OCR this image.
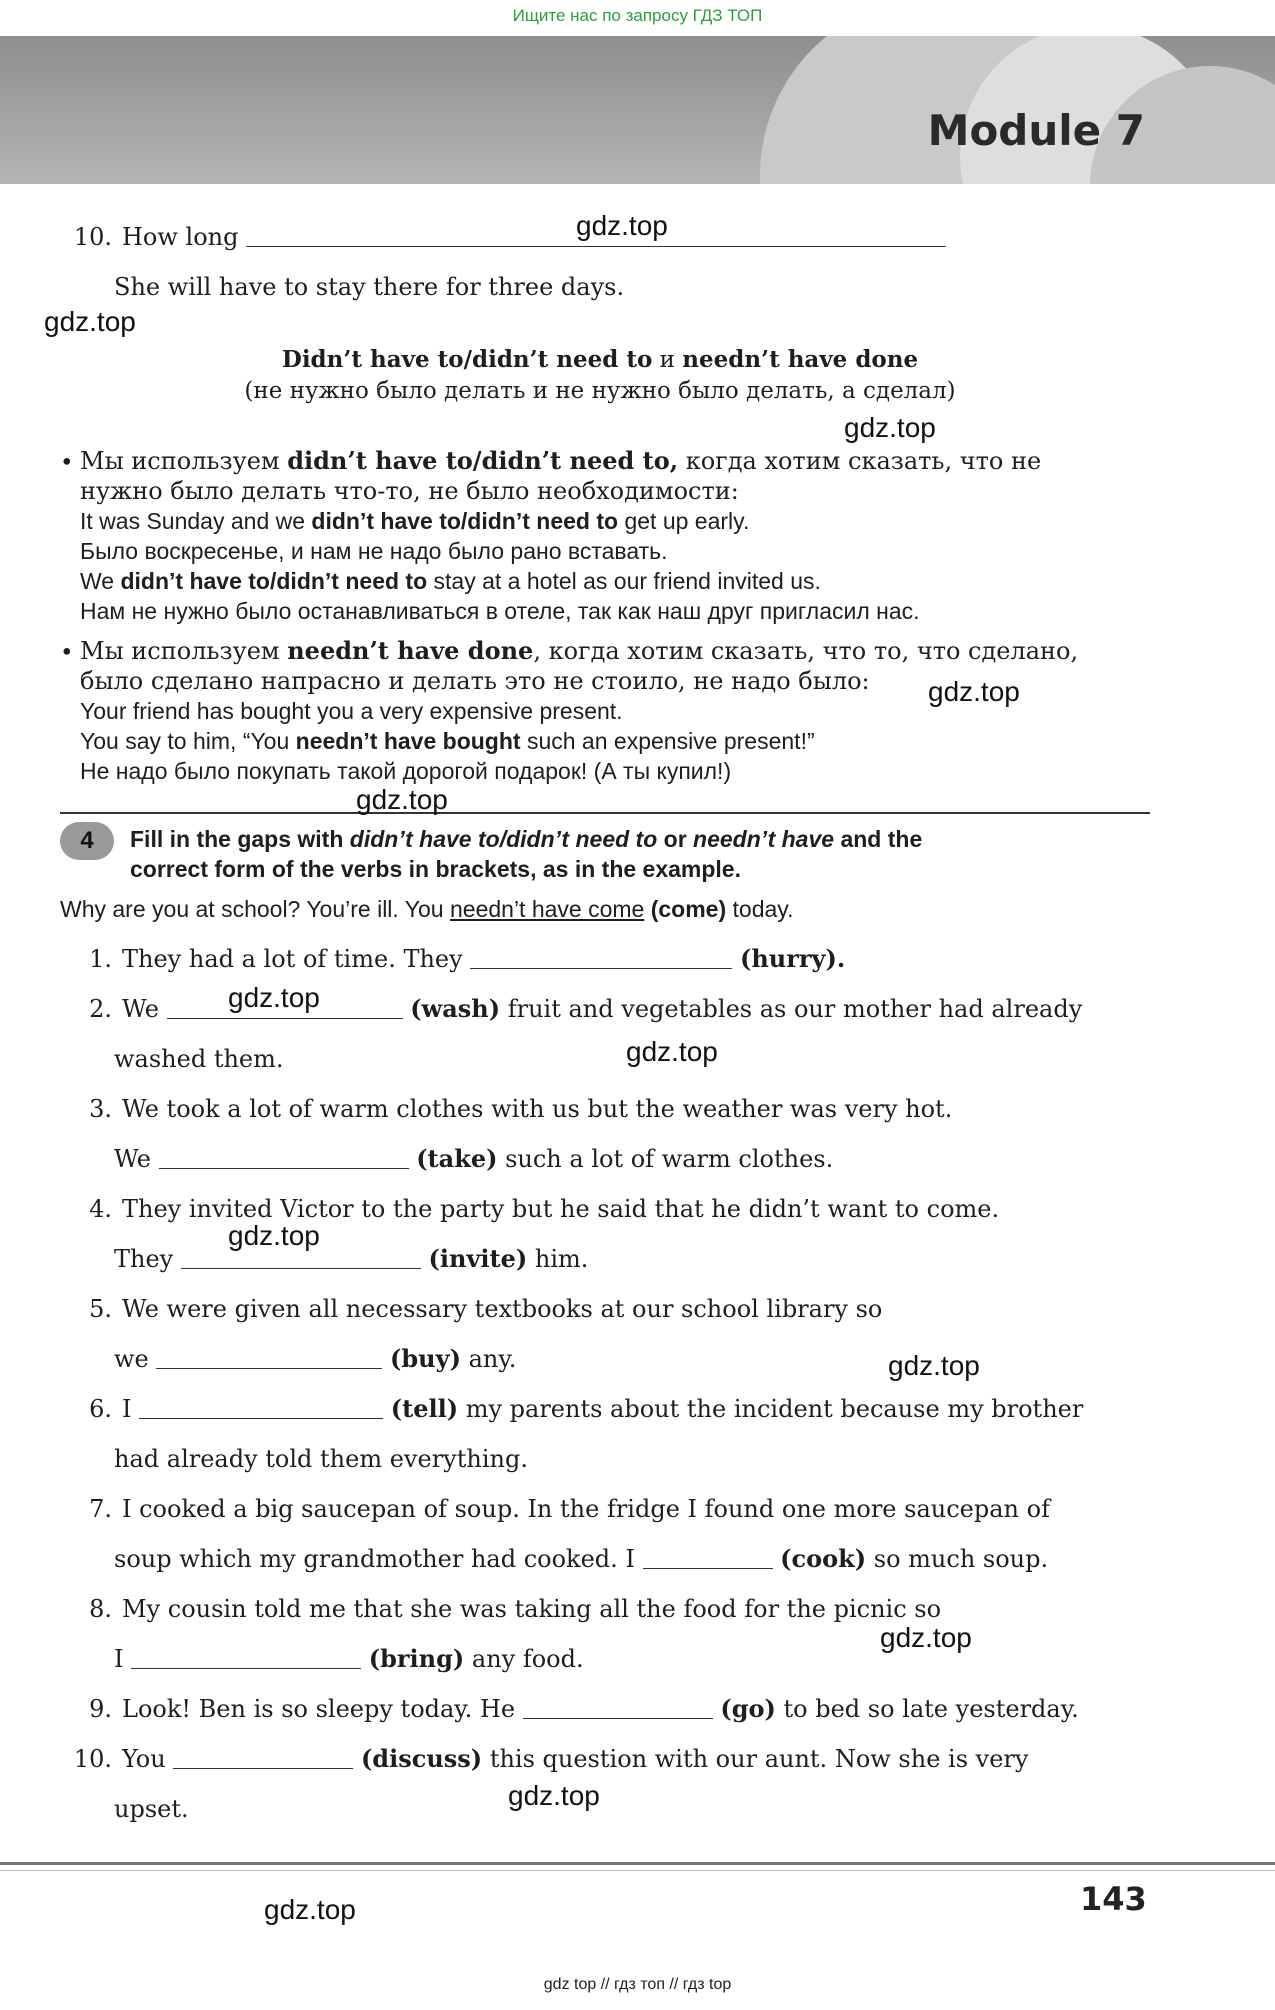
Ищите нас по запросу ГДЗ ТОП
Module 7
10. How long
She will have to stay there for three days.
Didn’t have to/didn’t need to и needn’t have done
(не нужно было делать и не нужно было делать, а сделал)
• Мы используем didn’t have to/didn’t need to, когда хотим сказать, что не
нужно было делать что-то, не было необходимости:
It was Sunday and we didn’t have to/didn’t need to get up early.
Было воскресенье, и нам не надо было рано вставать.
We didn’t have to/didn’t need to stay at a hotel as our friend invited us.
Нам не нужно было останавливаться в отеле, так как наш друг пригласил нас.
• Мы используем needn’t have done, когда хотим сказать, что то, что сделано,
было сделано напрасно и делать это не стоило, не надо было:
Your friend has bought you a very expensive present.
You say to him, “You needn’t have bought such an expensive present!”
Не надо было покупать такой дорогой подарок! (А ты купил!)
4	Fill in the gaps with didn’t have to/didn’t need to or needn’t have and the
correct form of the verbs in brackets, as in the example.
Why are you at school? You’re ill. You needn’t have come (come) today.
1. They had a lot of time. They	(hurry).
2. We	(wash) fruit and vegetables as our mother had already
washed them.
3. We took a lot of warm clothes with us but the weather was very hot.
We	(take) such a lot of warm clothes.
4. They invited Victor to the party but he said that he didn’t want to come.
They	(invite) him.
5. We were given all necessary textbooks at our school library so
we	(buy) any.
6. I	(tell) my parents about the incident because my brother
had already told them everything.
7. I cooked a big saucepan of soup. In the fridge I found one more saucepan of
soup which my grandmother had cooked. I	(cook) so much soup.
8. My cousin told me that she was taking all the food for the picnic so
I	(bring) any food.
9. Look! Ben is so sleepy today. He	(go) to bed so late yesterday.
10. You	(discuss) this question with our aunt. Now she is very
upset.
gdz.top
gdz.top
gdz.top
gdz.top
gdz.top
gdz.top
gdz.top
gdz.top
gdz.top
gdz.top
gdz.top
gdz.top	143
gdz top // гдз топ // гдз top
